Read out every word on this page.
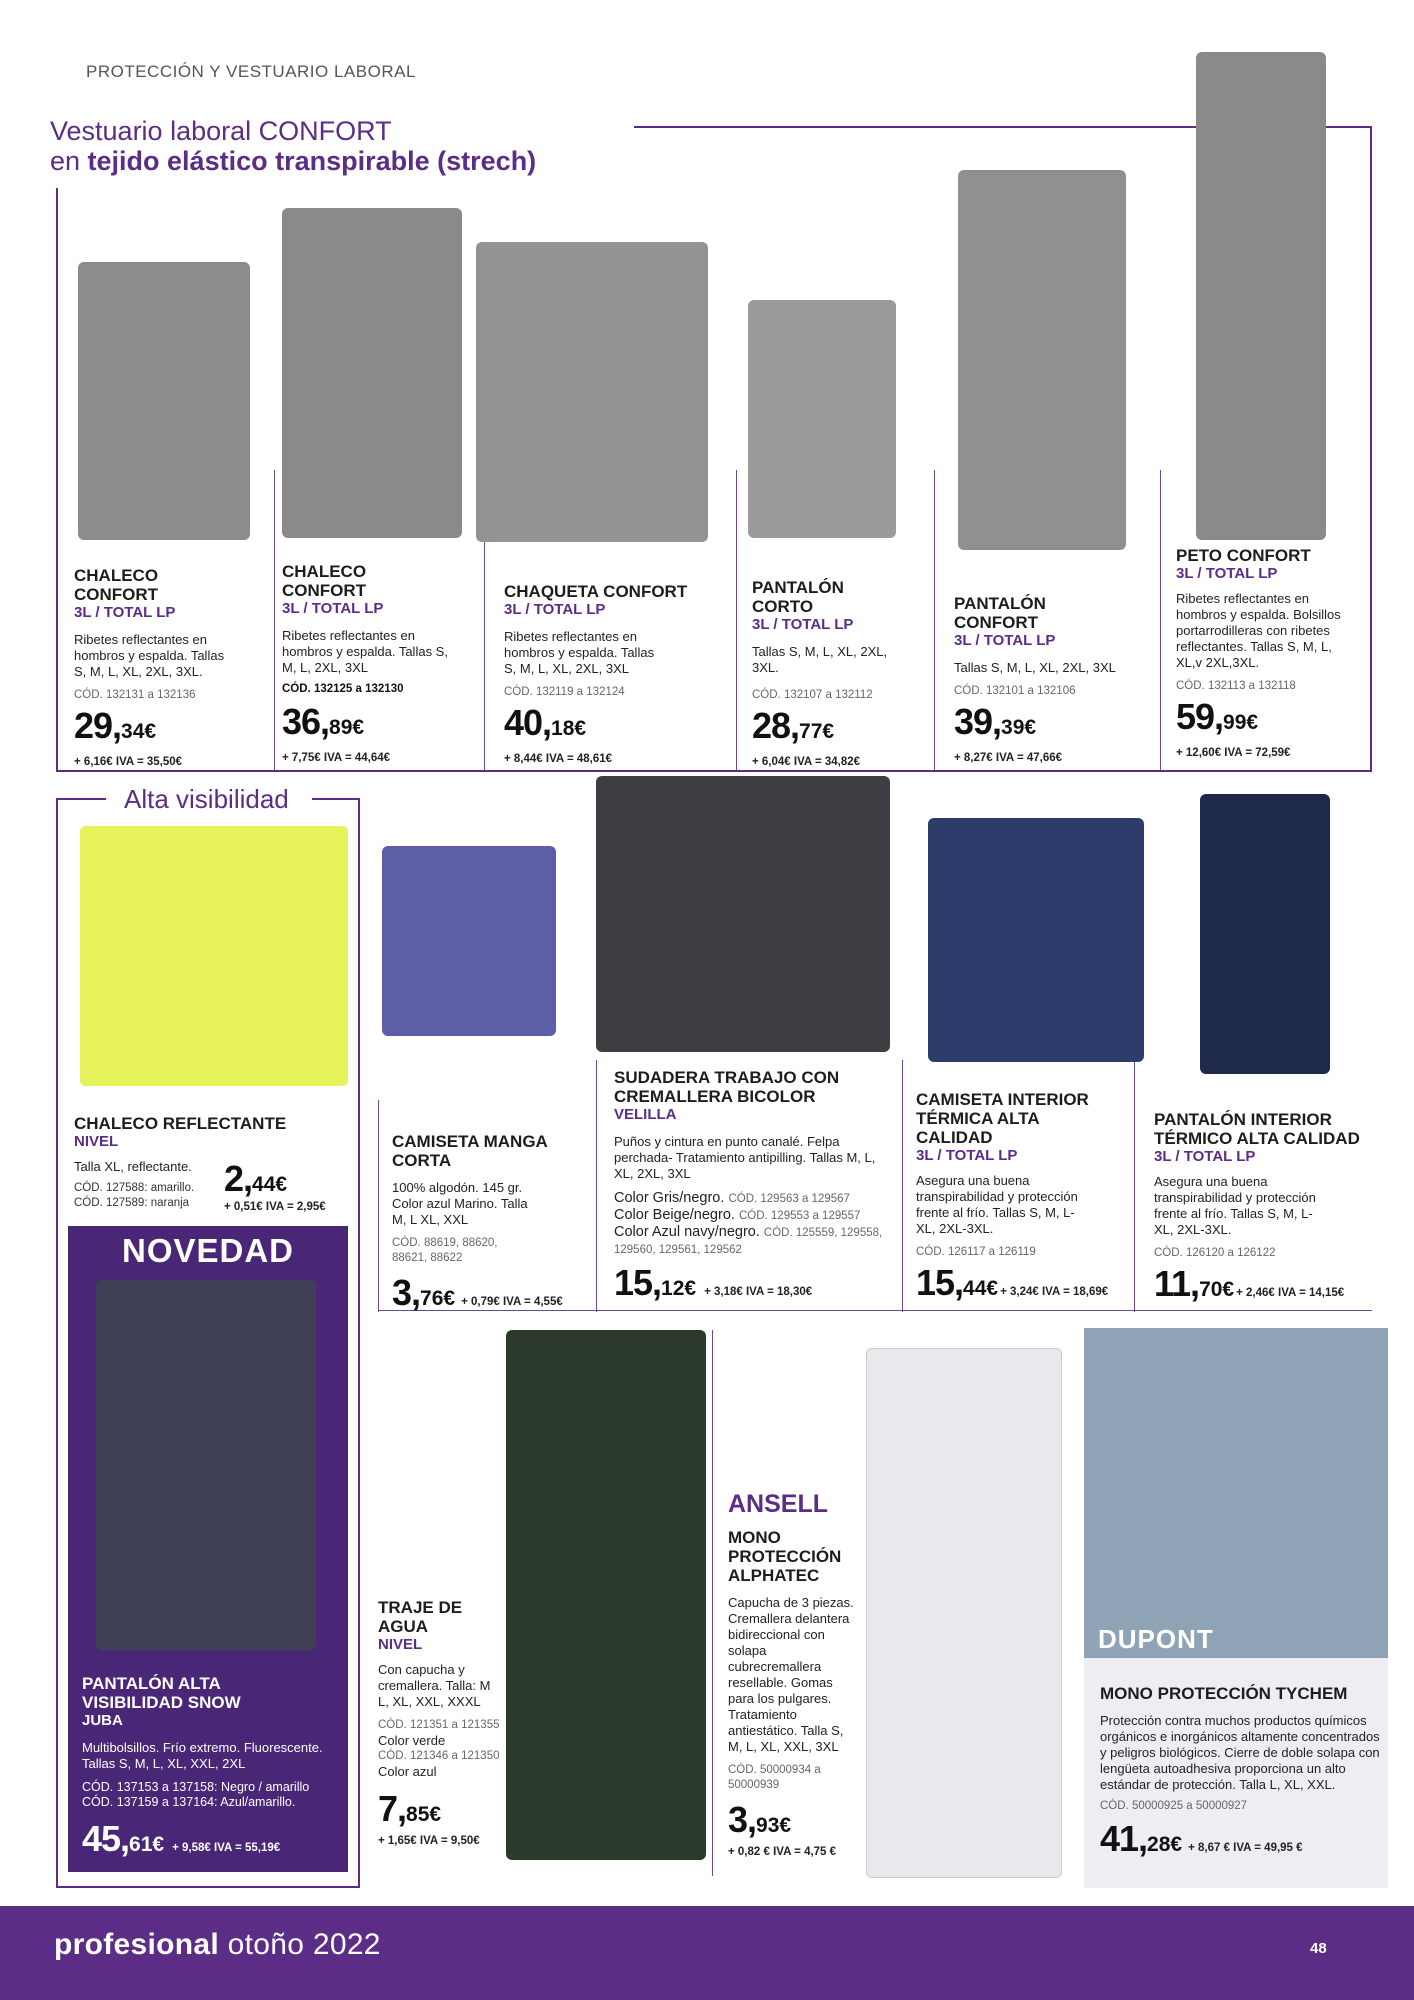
PROTECCIÓN Y VESTUARIO LABORAL
Vestuario laboral CONFORT
en tejido elástico transpirable (strech)
CHALECO CONFORT
3L / TOTAL LP
Ribetes reflectantes en hombros y espalda. Tallas S, M, L, XL, 2XL, 3XL.
CÓD. 132131 a 132136
29,34€
+ 6,16€ IVA = 35,50€
CHALECO CONFORT
3L / TOTAL LP
Ribetes reflectantes en hombros y espalda. Tallas S, M, L, 2XL, 3XL
CÓD. 132125 a 132130
36,89€
+ 7,75€ IVA = 44,64€
CHAQUETA CONFORT
3L / TOTAL LP
Ribetes reflectantes en hombros y espalda. Tallas S, M, L, XL, 2XL, 3XL
CÓD. 132119 a 132124
40,18€
+ 8,44€ IVA = 48,61€
PANTALÓN CORTO
3L / TOTAL LP
Tallas S, M, L, XL, 2XL, 3XL.
CÓD. 132107 a 132112
28,77€
+ 6,04€ IVA = 34,82€
PANTALÓN CONFORT
3L / TOTAL LP
Tallas S, M, L, XL, 2XL, 3XL
CÓD. 132101 a 132106
39,39€
+ 8,27€ IVA = 47,66€
PETO CONFORT
3L / TOTAL LP
Ribetes reflectantes en hombros y espalda. Bolsillos portarrodilleras con ribetes reflectantes. Tallas S, M, L, XL,v 2XL,3XL.
CÓD. 132113 a 132118
59,99€
+ 12,60€ IVA = 72,59€
Alta visibilidad
CHALECO REFLECTANTE
NIVEL
Talla XL, reflectante.
CÓD. 127588: amarillo.
CÓD. 127589: naranja
2,44€
+ 0,51€ IVA = 2,95€
NOVEDAD
PANTALÓN ALTA VISIBILIDAD SNOW
JUBA
Multibolsillos. Frío extremo. Fluorescente. Tallas S, M, L, XL, XXL, 2XL
CÓD. 137153 a 137158: Negro / amarillo
CÓD. 137159 a 137164: Azul/amarillo.
45,61€ + 9,58€ IVA = 55,19€
CAMISETA MANGA CORTA
100% algodón. 145 gr. Color azul Marino. Talla M, L XL, XXL
CÓD. 88619, 88620, 88621, 88622
3,76€ + 0,79€ IVA = 4,55€
SUDADERA TRABAJO CON CREMALLERA BICOLOR
VELILLA
Puños y cintura en punto canalé. Felpa perchada- Tratamiento antipilling. Tallas M, L, XL, 2XL, 3XL
Color Gris/negro. CÓD. 129563 a 129567
Color Beige/negro. CÓD. 129553 a 129557
Color Azul navy/negro. CÓD. 125559, 129558, 129560, 129561, 129562
15,12€ + 3,18€ IVA = 18,30€
CAMISETA INTERIOR TÉRMICA ALTA CALIDAD
3L / TOTAL LP
Asegura una buena transpirabilidad y protección frente al frío. Tallas S, M, L-XL, 2XL-3XL.
CÓD. 126117 a 126119
15,44€ + 3,24€ IVA = 18,69€
PANTALÓN INTERIOR TÉRMICO ALTA CALIDAD
3L / TOTAL LP
Asegura una buena transpirabilidad y protección frente al frío. Tallas S, M, L-XL, 2XL-3XL.
CÓD. 126120 a 126122
11,70€ + 2,46€ IVA = 14,15€
TRAJE DE AGUA
NIVEL
Con capucha y cremallera. Talla: M L, XL, XXL, XXXL
CÓD. 121351 a 121355
Color verde
CÓD. 121346 a 121350
Color azul
7,85€
+ 1,65€ IVA = 9,50€
ANSELL
MONO PROTECCIÓN ALPHATEC
Capucha de 3 piezas. Cremallera delantera bidireccional con solapa cubrecremallera resellable. Gomas para los pulgares. Tratamiento antiestático. Talla S, M, L, XL, XXL, 3XL
CÓD. 50000934 a 50000939
3,93€
+ 0,82 € IVA = 4,75 €
DUPONT
MONO PROTECCIÓN TYCHEM
Protección contra muchos productos químicos orgánicos e inorgánicos altamente concentrados y peligros biológicos. Cierre de doble solapa con lengüeta autoadhesiva proporciona un alto estándar de protección. Talla L, XL, XXL.
CÓD. 50000925 a 50000927
41,28€ + 8,67 € IVA = 49,95 €
profesional otoño 2022	48
